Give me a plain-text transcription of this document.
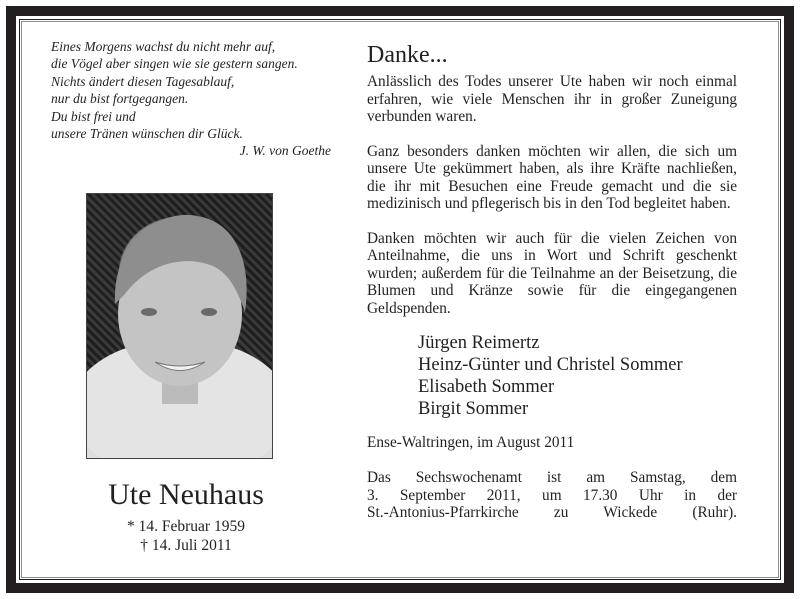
Eines Morgens wachst du nicht mehr auf,
die Vögel aber singen wie sie gestern sangen.
Nichts ändert diesen Tagesablauf,
nur du bist fortgegangen.
Du bist frei und
unsere Tränen wünschen dir Glück.
J. W. von Goethe
Ute Neuhaus
* 14. Februar 1959
† 14. Juli 2011
Danke...

Anlässlich des Todes unserer Ute haben wir noch einmal erfahren, wie viele Menschen ihr in großer Zuneigung verbunden waren.

Ganz besonders danken möchten wir allen, die sich um unsere Ute gekümmert haben, als ihre Kräfte nachließen, die ihr mit Besuchen eine Freude gemacht und die sie medizinisch und pflegerisch bis in den Tod begleitet haben.

Danken möchten wir auch für die vielen Zeichen von Anteilnahme, die uns in Wort und Schrift geschenkt wurden; außerdem für die Teilnahme an der Beisetzung, die Blumen und Kränze sowie für die eingegangenen Geldspenden.

Jürgen Reimertz
Heinz-Günter und Christel Sommer
Elisabeth Sommer
Birgit Sommer
Ense-Waltringen, im August 2011
Das Sechswochenamt ist am Samstag, dem
3. September 2011, um 17.30 Uhr in der
St.-Antonius-Pfarrkirche zu Wickede (Ruhr).
